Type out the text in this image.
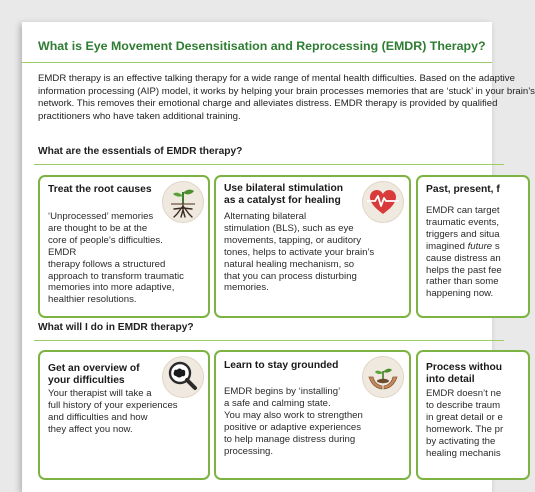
What is Eye Movement Desensitisation and Reprocessing (EMDR) Therapy?

EMDR therapy is an effective talking therapy for a wide range of mental health difficulties. Based on the adaptive
information processing (AIP) model, it works by helping your brain processes memories that are ‘stuck’ in your brain’s
network. This removes their emotional charge and alleviates distress. EMDR therapy is provided by qualified
practitioners who have taken additional training.

What are the essentials of EMDR therapy?
Treat the root causes
‘Unprocessed’ memories
are thought to be at the
core of people’s difficulties.
EMDR
therapy follows a structured
approach to transform traumatic
memories into more adaptive,
healthier resolutions.
Use bilateral stimulation
as a catalyst for healing
Alternating bilateral
stimulation (BLS), such as eye
movements, tapping, or auditory
tones, helps to activate your brain’s
natural healing mechanism, so
that you can process disturbing
memories.
Past, present, f
EMDR can target
traumatic events,
triggers and situa
imagined future s
cause distress an
helps the past fee
rather than some
happening now.
What will I do in EMDR therapy?
Get an overview of
your difficulties
Your therapist will take a
full history of your experiences
and difficulties and how
they affect you now.
Learn to stay grounded
EMDR begins by ‘installing’
a safe and calming state.
You may also work to strengthen
positive or adaptive experiences
to help manage distress during
processing.
Process withou
into detail
EMDR doesn’t ne
to describe traum
in great detail or e
homework. The pr
by activating the
healing mechanis
